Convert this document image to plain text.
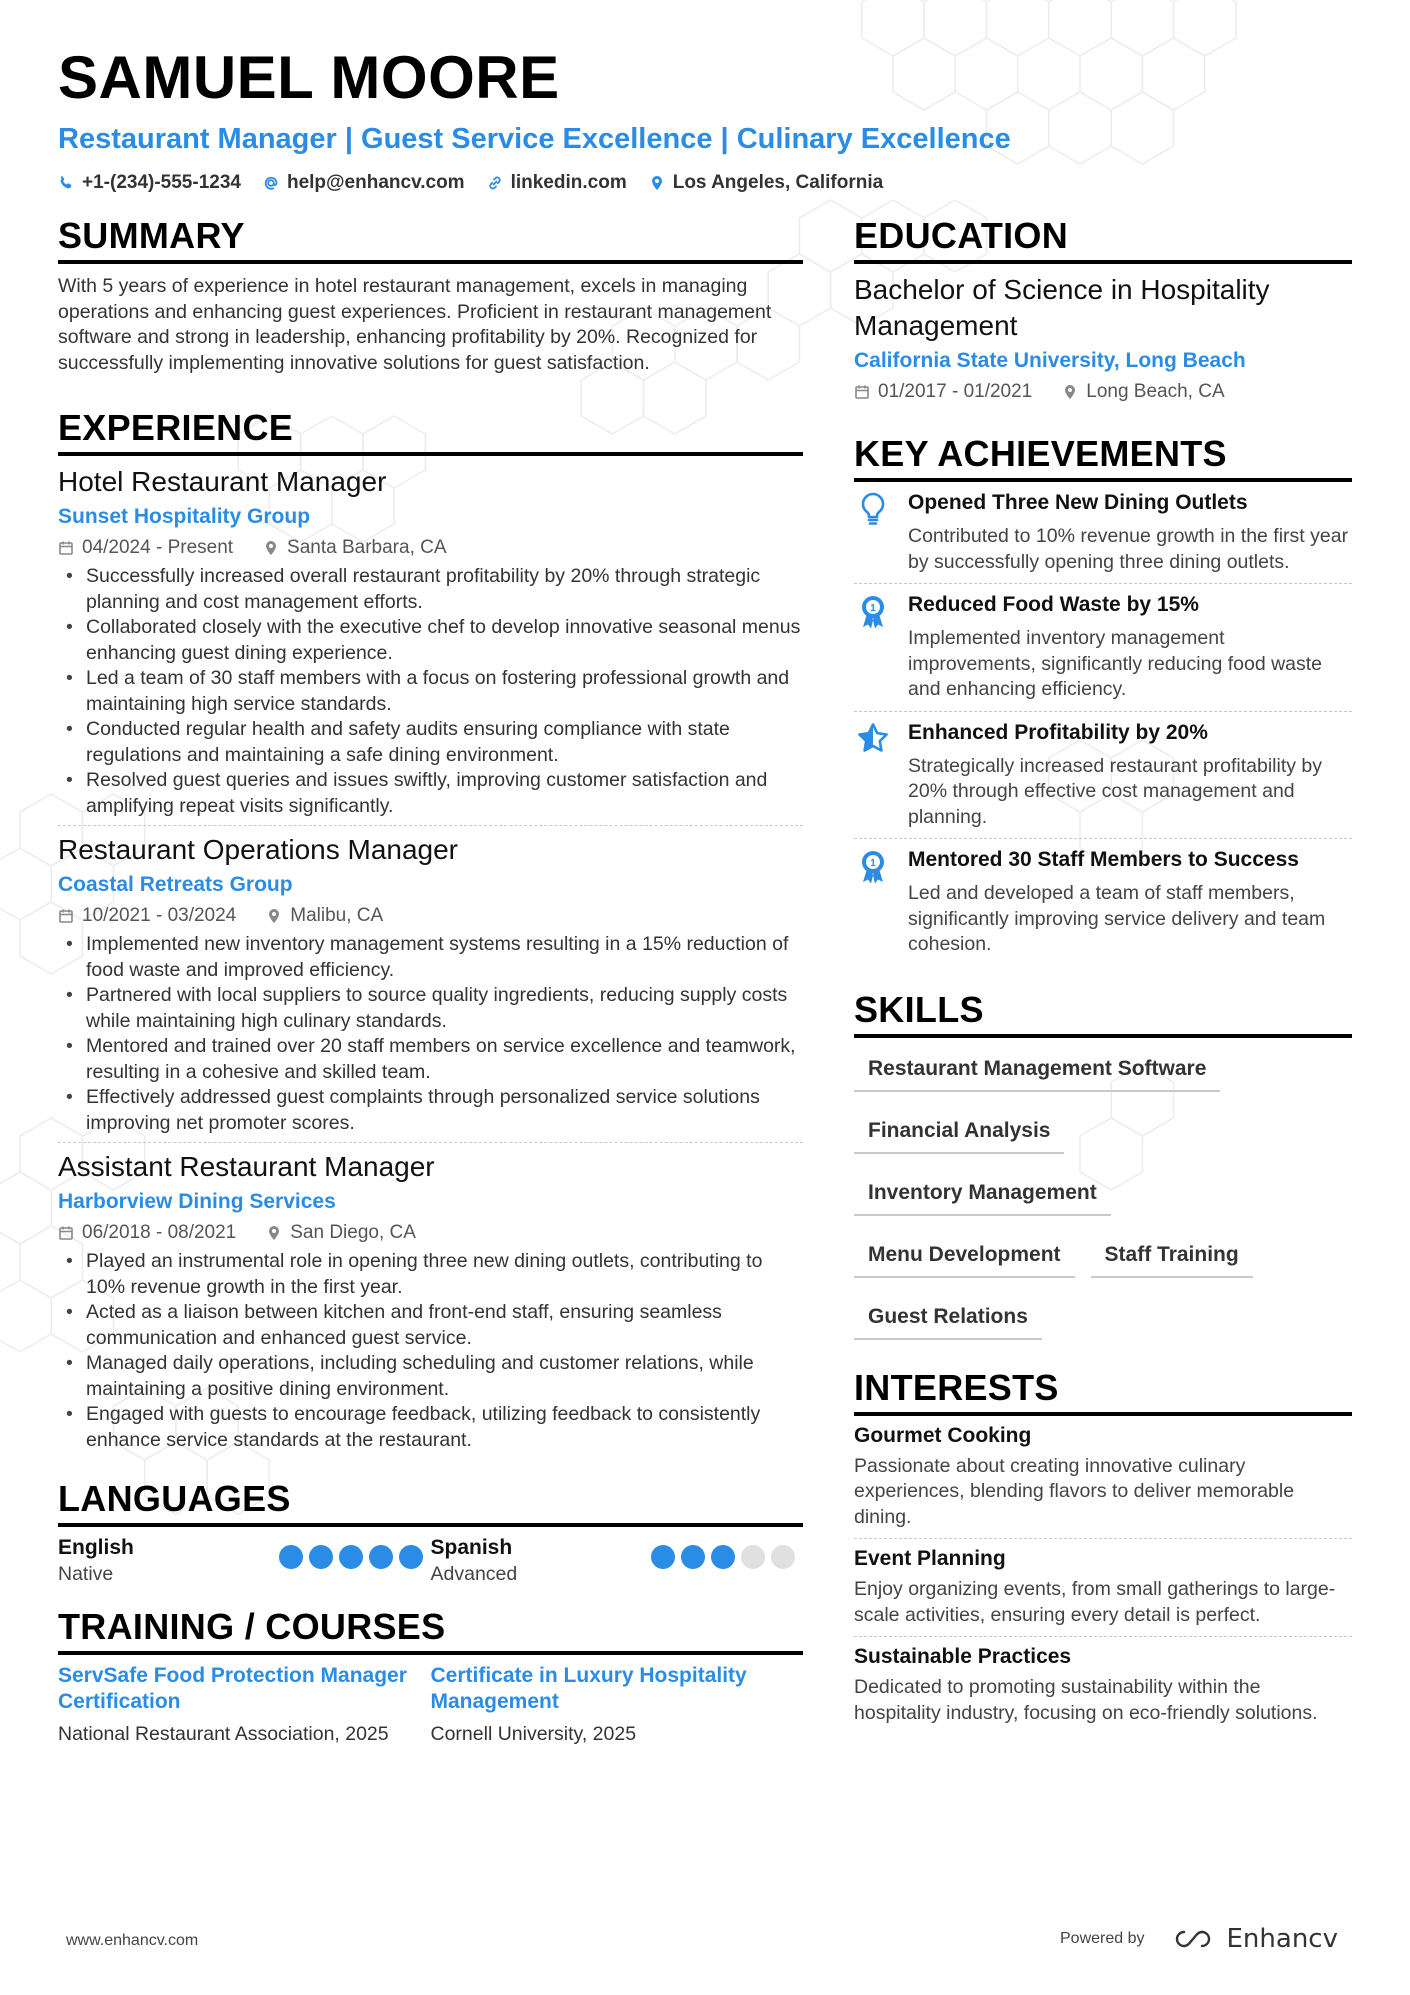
SAMUEL MOORE
Restaurant Manager | Guest Service Excellence | Culinary Excellence
+1-(234)-555-1234 help@enhancv.com linkedin.com Los Angeles, California
SUMMARY
With 5 years of experience in hotel restaurant management, excels in managing operations and enhancing guest experiences. Proficient in restaurant management software and strong in leadership, enhancing profitability by 20%. Recognized for successfully implementing innovative solutions for guest satisfaction.
EXPERIENCE
Hotel Restaurant Manager
Sunset Hospitality Group
04/2024 - Present	Santa Barbara, CA
• Successfully increased overall restaurant profitability by 20% through strategic planning and cost management efforts.
• Collaborated closely with the executive chef to develop innovative seasonal menus enhancing guest dining experience.
• Led a team of 30 staff members with a focus on fostering professional growth and maintaining high service standards.
• Conducted regular health and safety audits ensuring compliance with state regulations and maintaining a safe dining environment.
• Resolved guest queries and issues swiftly, improving customer satisfaction and amplifying repeat visits significantly.
Restaurant Operations Manager
Coastal Retreats Group
10/2021 - 03/2024	Malibu, CA
• Implemented new inventory management systems resulting in a 15% reduction of food waste and improved efficiency.
• Partnered with local suppliers to source quality ingredients, reducing supply costs while maintaining high culinary standards.
• Mentored and trained over 20 staff members on service excellence and teamwork, resulting in a cohesive and skilled team.
• Effectively addressed guest complaints through personalized service solutions improving net promoter scores.
Assistant Restaurant Manager
Harborview Dining Services
06/2018 - 08/2021	San Diego, CA
• Played an instrumental role in opening three new dining outlets, contributing to 10% revenue growth in the first year.
• Acted as a liaison between kitchen and front-end staff, ensuring seamless communication and enhanced guest service.
• Managed daily operations, including scheduling and customer relations, while maintaining a positive dining environment.
• Engaged with guests to encourage feedback, utilizing feedback to consistently enhance service standards at the restaurant.
LANGUAGES
English
Native
Spanish
Advanced
TRAINING / COURSES
ServSafe Food Protection Manager Certification
National Restaurant Association, 2025
Certificate in Luxury Hospitality Management
Cornell University, 2025
EDUCATION
Bachelor of Science in Hospitality Management
California State University, Long Beach
01/2017 - 01/2021	Long Beach, CA
KEY ACHIEVEMENTS
Opened Three New Dining Outlets
Contributed to 10% revenue growth in the first year by successfully opening three dining outlets.
1 Reduced Food Waste by 15%
Implemented inventory management improvements, significantly reducing food waste and enhancing efficiency.
Enhanced Profitability by 20%
Strategically increased restaurant profitability by 20% through effective cost management and planning.
1 Mentored 30 Staff Members to Success
Led and developed a team of staff members, significantly improving service delivery and team cohesion.
SKILLS
Restaurant Management Software
Financial Analysis
Inventory Management
Menu Development	Staff Training
Guest Relations
INTERESTS
Gourmet Cooking
Passionate about creating innovative culinary experiences, blending flavors to deliver memorable dining.
Event Planning
Enjoy organizing events, from small gatherings to large-scale activities, ensuring every detail is perfect.
Sustainable Practices
Dedicated to promoting sustainability within the hospitality industry, focusing on eco-friendly solutions.
www.enhancv.com	Powered by	Enhancv
